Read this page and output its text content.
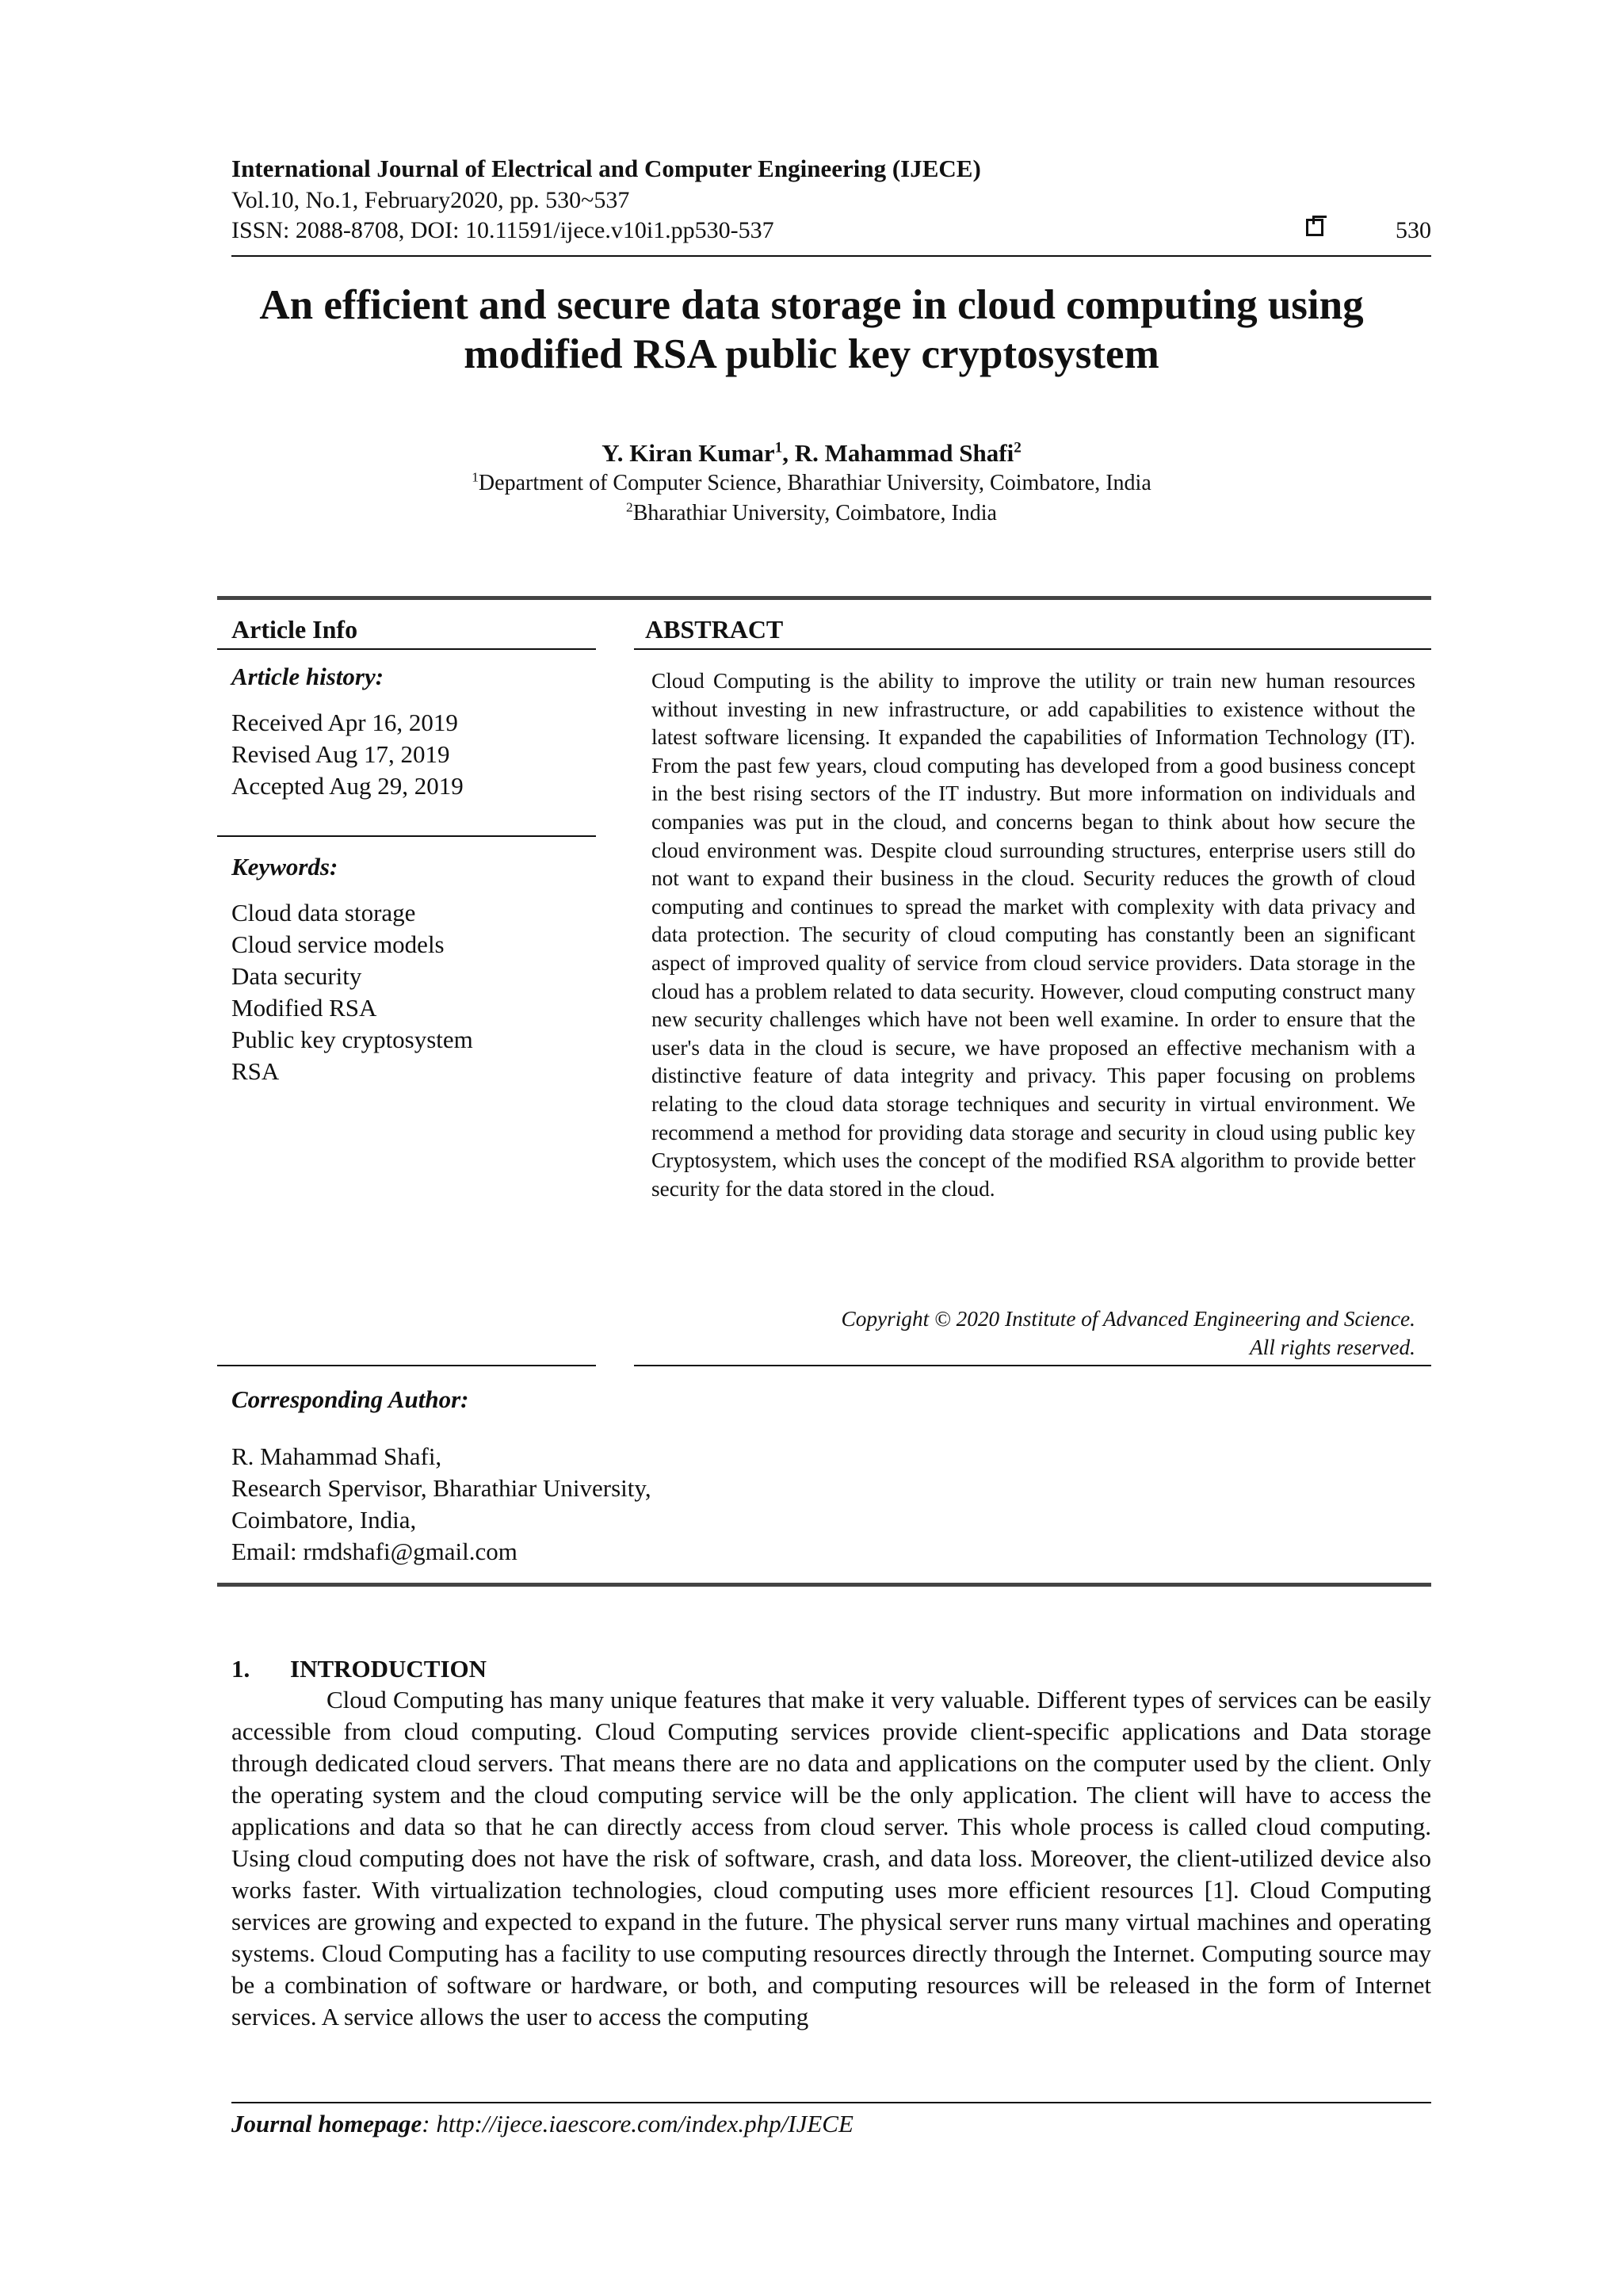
International Journal of Electrical and Computer Engineering (IJECE)
Vol.10, No.1, February2020, pp. 530~537
ISSN: 2088-8708, DOI: 10.11591/ijece.v10i1.pp530-537	530
An efficient and secure data storage in cloud computing using
modified RSA public key cryptosystem
Y. Kiran Kumar$^1$, R. Mahammad Shafi$^2$
$^1$Department of Computer Science, Bharathiar University, Coimbatore, India
$^2$Bharathiar University, Coimbatore, India
Article Info
Article history:
Received Apr 16, 2019
Revised Aug 17, 2019
Accepted Aug 29, 2019
Keywords:
Cloud data storage
Cloud service models
Data security
Modified RSA
Public key cryptosystem
RSA
ABSTRACT
Cloud Computing is the ability to improve the utility or train new human resources without investing in new infrastructure, or add capabilities to existence without the latest software licensing. It expanded the capabilities of Information Technology (IT). From the past few years, cloud computing has developed from a good business concept in the best rising sectors of the IT industry. But more information on individuals and companies was put in the cloud, and concerns began to think about how secure the cloud environment was. Despite cloud surrounding structures, enterprise users still do not want to expand their business in the cloud. Security reduces the growth of cloud computing and continues to spread the market with complexity with data privacy and data protection. The security of cloud computing has constantly been an significant aspect of improved quality of service from cloud service providers. Data storage in the cloud has a problem related to data security. However, cloud computing construct many new security challenges which have not been well examine. In order to ensure that the user's data in the cloud is secure, we have proposed an effective mechanism with a distinctive feature of data integrity and privacy. This paper focusing on problems relating to the cloud data storage techniques and security in virtual environment. We recommend a method for providing data storage and security in cloud using public key Cryptosystem, which uses the concept of the modified RSA algorithm to provide better security for the data stored in the cloud.
Copyright © 2020 Institute of Advanced Engineering and Science.
All rights reserved.
Corresponding Author:
R. Mahammad Shafi,
Research Spervisor, Bharathiar University,
Coimbatore, India,
Email: rmdshafi@gmail.com
1. INTRODUCTION
Cloud Computing has many unique features that make it very valuable. Different types of services can be easily accessible from cloud computing. Cloud Computing services provide client-specific applications and Data storage through dedicated cloud servers. That means there are no data and applications on the computer used by the client. Only the operating system and the cloud computing service will be the only application. The client will have to access the applications and data so that he can directly access from cloud server. This whole process is called cloud computing. Using cloud computing does not have the risk of software, crash, and data loss. Moreover, the client-utilized device also works faster. With virtualization technologies, cloud computing uses more efficient resources [1]. Cloud Computing services are growing and expected to expand in the future. The physical server runs many virtual machines and operating systems. Cloud Computing has a facility to use computing resources directly through the Internet. Computing source may be a combination of software or hardware, or both, and computing resources will be released in the form of Internet services. A service allows the user to access the computing
Journal homepage: http://ijece.iaescore.com/index.php/IJECE
